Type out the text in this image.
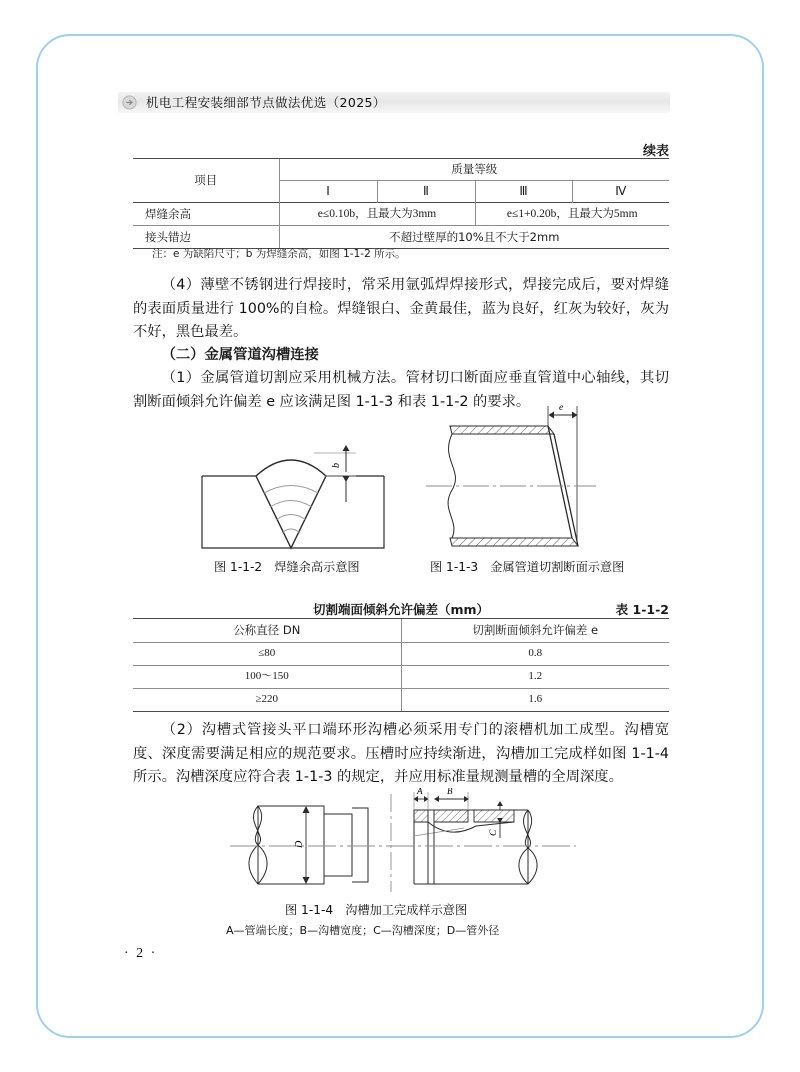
机电工程安装细部节点做法优选（2025）
续表
项目	质量等级			
	Ⅰ	Ⅱ	Ⅲ	Ⅳ
焊缝余高	e≤0.10b，且最大为3mm		e≤1+0.20b，且最大为5mm	
接头错边	不超过壁厚的10%且不大于2mm			
注：e 为缺陷尺寸；b 为焊缝余高，如图 1-1-2 所示。
（4）薄壁不锈钢进行焊接时，常采用氩弧焊焊接形式，焊接完成后，要对焊缝的表面质量进行 100%的自检。焊缝银白、金黄最佳，蓝为良好，红灰为较好，灰为不好，黑色最差。
（二）金属管道沟槽连接
（1）金属管道切割应采用机械方法。管材切口断面应垂直管道中心轴线，其切割断面倾斜允许偏差 e 应该满足图 1-1-3 和表 1-1-2 的要求。
b
图 1-1-2　焊缝余高示意图
e
图 1-1-3　金属管道切割断面示意图
切割端面倾斜允许偏差（mm）	表 1-1-2
公称直径 DN	切割断面倾斜允许偏差 e
≤80	0.8
100～150	1.2
≥220	1.6
（2）沟槽式管接头平口端环形沟槽必须采用专门的滚槽机加工成型。沟槽宽度、深度需要满足相应的规范要求。压槽时应持续渐进，沟槽加工完成样如图 1-1-4 所示。沟槽深度应符合表 1-1-3 的规定，并应用标准量规测量槽的全周深度。
D
A	B
C
图 1-1-4　沟槽加工完成样示意图
A—管端长度；B—沟槽宽度；C—沟槽深度；D—管外径
· 2 ·
